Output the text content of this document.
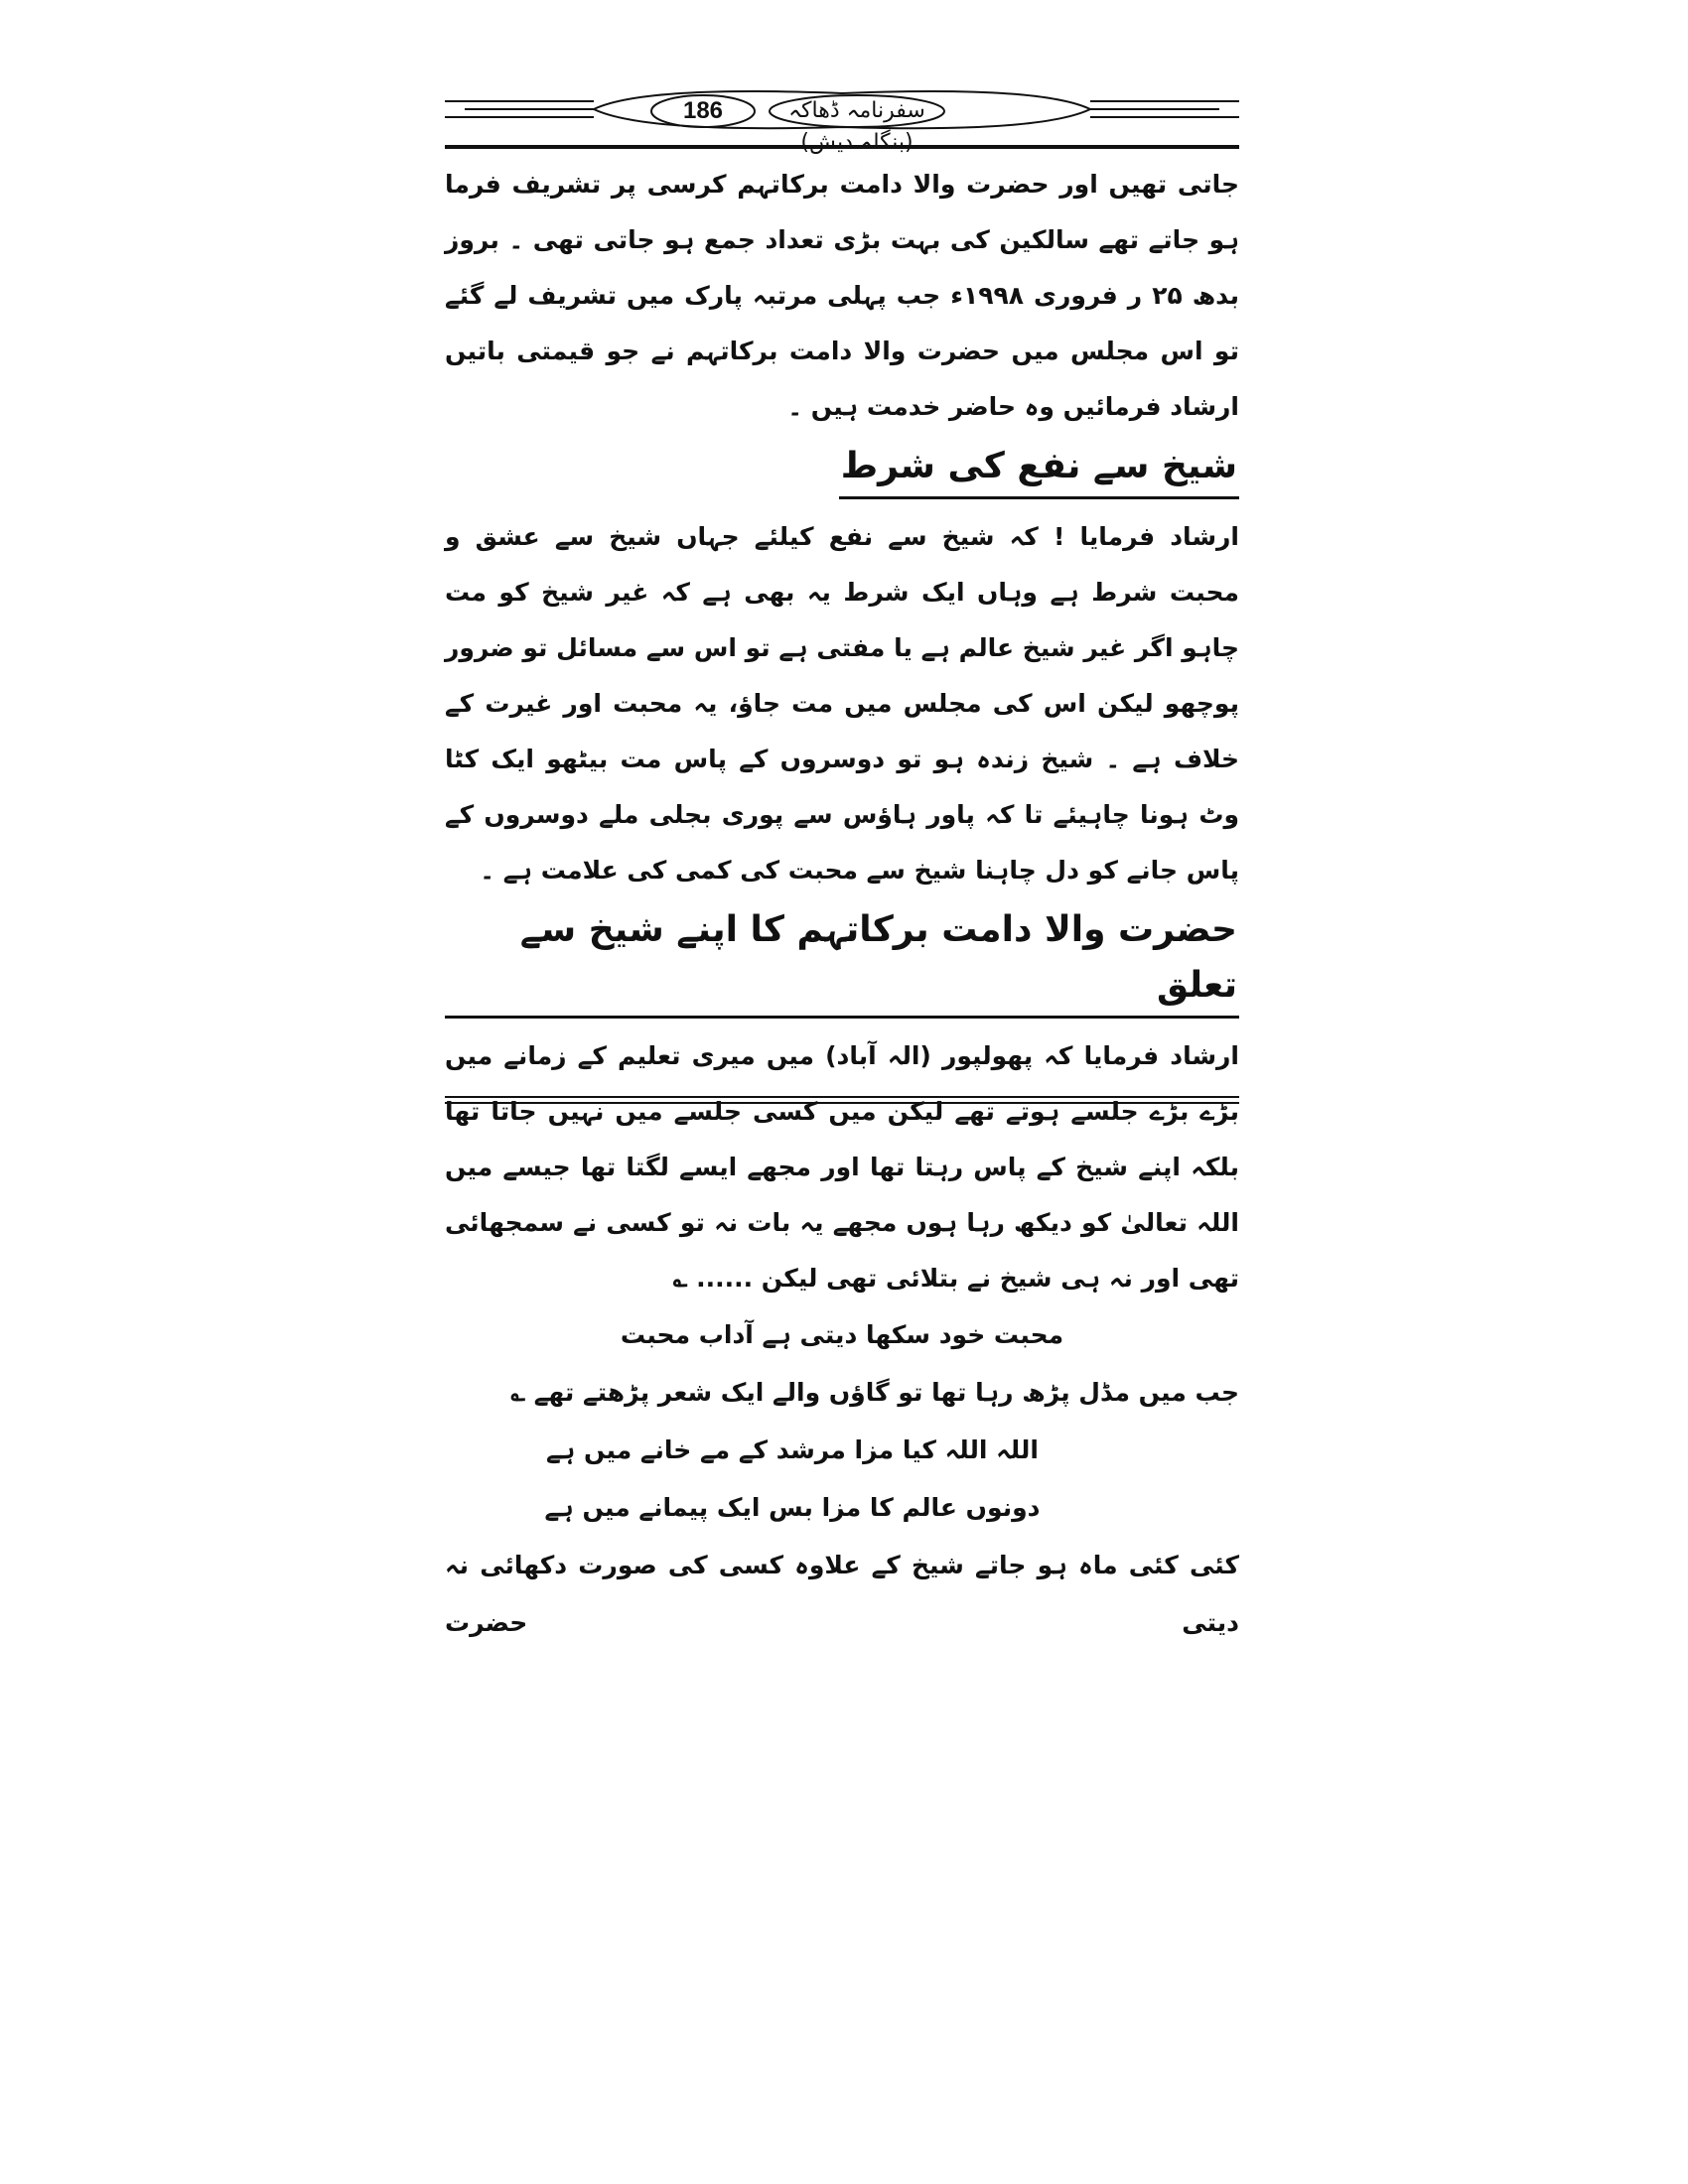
186	سفرنامہ ڈھاکہ (بنگلہ دیش)

جاتی تھیں اور حضرت والا دامت برکاتہم کرسی پر تشریف فرما ہو جاتے تھے سالکین کی بہت بڑی تعداد جمع ہو جاتی تھی ۔ بروز بدھ ۲۵ ر فروری ۱۹۹۸ء جب پہلی مرتبہ پارک میں تشریف لے گئے تو اس مجلس میں حضرت والا دامت برکاتہم نے جو قیمتی باتیں ارشاد فرمائیں وہ حاضر خدمت ہیں ۔

شیخ سے نفع کی شرط

ارشاد فرمایا ! کہ شیخ سے نفع کیلئے جہاں شیخ سے عشق و محبت شرط ہے وہاں ایک شرط یہ بھی ہے کہ غیر شیخ کو مت چاہو اگر غیر شیخ عالم ہے یا مفتی ہے تو اس سے مسائل تو ضرور پوچھو لیکن اس کی مجلس میں مت جاؤ، یہ محبت اور غیرت کے خلاف ہے ۔ شیخ زندہ ہو تو دوسروں کے پاس مت بیٹھو ایک کٹا وٹ ہونا چاہیئے تا کہ پاور ہاؤس سے پوری بجلی ملے دوسروں کے پاس جانے کو دل چاہنا شیخ سے محبت کی کمی کی علامت ہے ۔

حضرت والا دامت برکاتہم کا اپنے شیخ سے تعلق

ارشاد فرمایا کہ پھولپور (الہ آباد) میں میری تعلیم کے زمانے میں بڑے بڑے جلسے ہوتے تھے لیکن میں کسی جلسے میں نہیں جاتا تھا بلکہ اپنے شیخ کے پاس رہتا تھا اور مجھے ایسے لگتا تھا جیسے میں اللہ تعالیٰ کو دیکھ رہا ہوں مجھے یہ بات نہ تو کسی نے سمجھائی تھی اور نہ ہی شیخ نے بتلائی تھی لیکن ...... ؎

محبت خود سکھا دیتی ہے آداب محبت

جب میں مڈل پڑھ رہا تھا تو گاؤں والے ایک شعر پڑھتے تھے ؎

اللہ اللہ کیا مزا مرشد کے مے خانے میں ہے

دونوں عالم کا مزا بس ایک پیمانے میں ہے

کئی کئی ماہ ہو جاتے شیخ کے علاوہ کسی کی صورت دکھائی نہ دیتی حضرت
